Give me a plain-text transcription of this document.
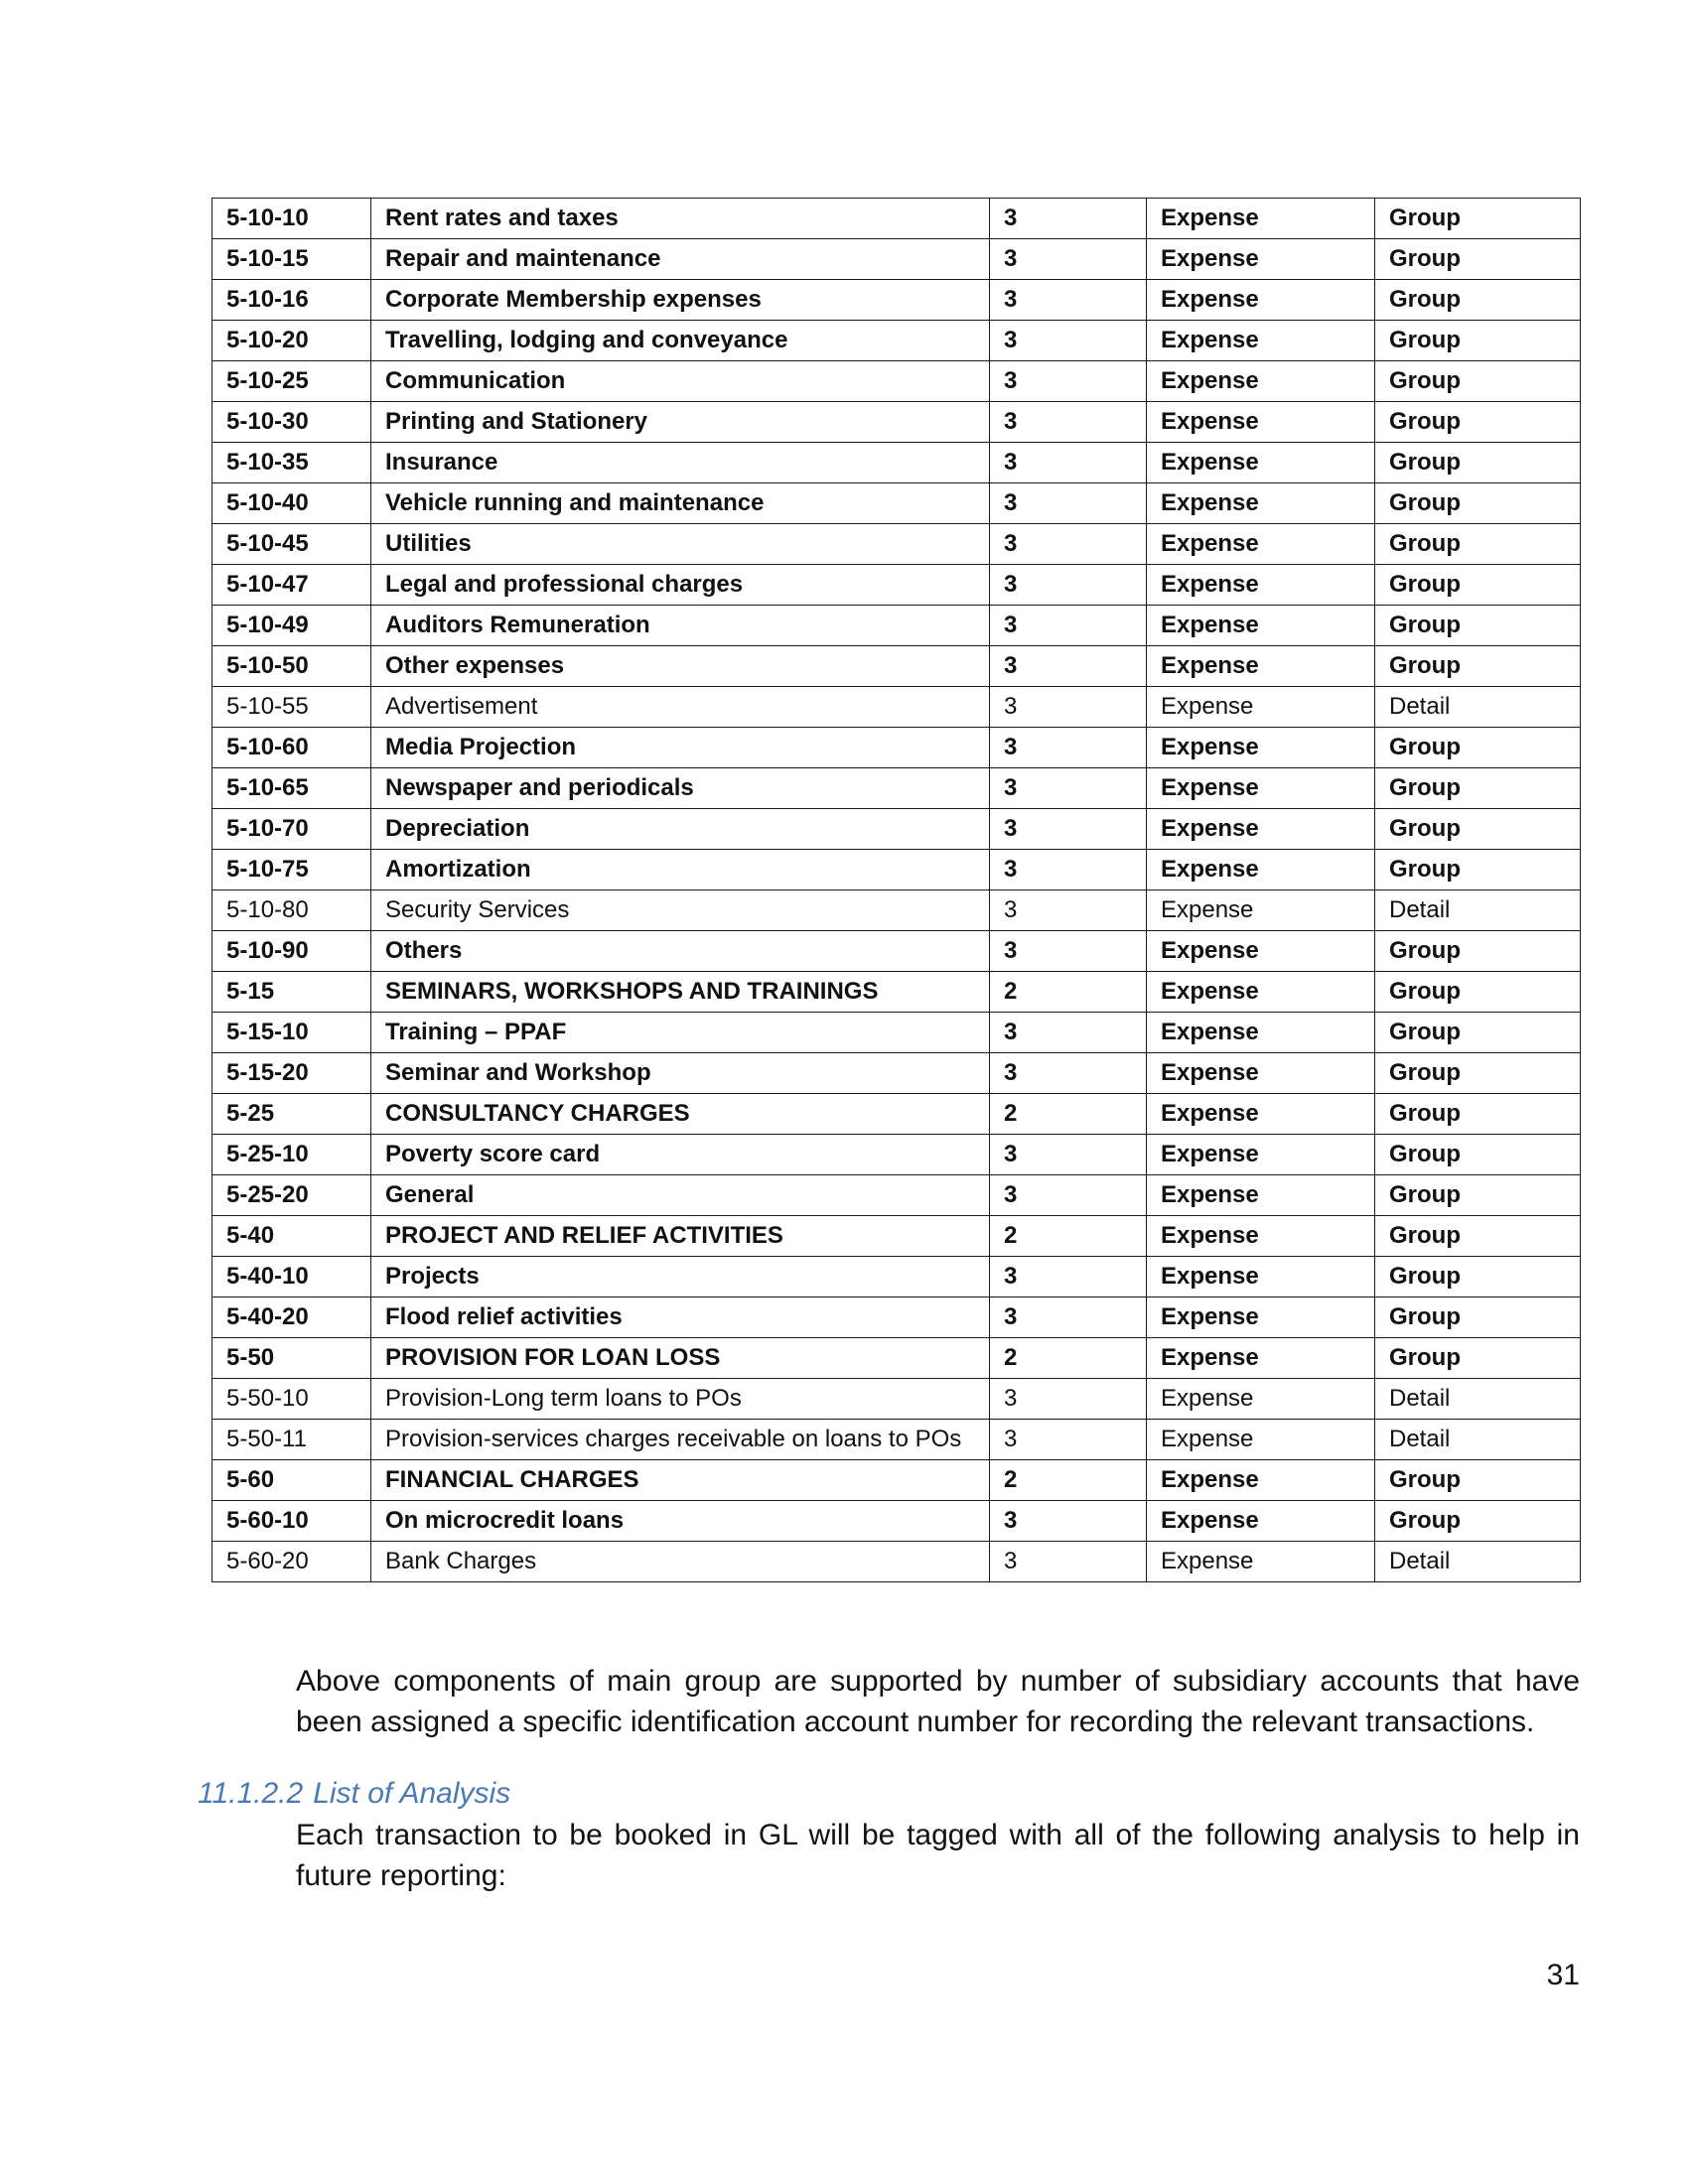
5-10-10	Rent rates and taxes	3	Expense	Group
5-10-15	Repair and maintenance	3	Expense	Group
5-10-16	Corporate Membership expenses	3	Expense	Group
5-10-20	Travelling, lodging and conveyance	3	Expense	Group
5-10-25	Communication	3	Expense	Group
5-10-30	Printing and Stationery	3	Expense	Group
5-10-35	Insurance	3	Expense	Group
5-10-40	Vehicle running and maintenance	3	Expense	Group
5-10-45	Utilities	3	Expense	Group
5-10-47	Legal and professional charges	3	Expense	Group
5-10-49	Auditors Remuneration	3	Expense	Group
5-10-50	Other expenses	3	Expense	Group
5-10-55	Advertisement	3	Expense	Detail
5-10-60	Media Projection	3	Expense	Group
5-10-65	Newspaper and periodicals	3	Expense	Group
5-10-70	Depreciation	3	Expense	Group
5-10-75	Amortization	3	Expense	Group
5-10-80	Security Services	3	Expense	Detail
5-10-90	Others	3	Expense	Group
5-15	SEMINARS, WORKSHOPS AND TRAININGS	2	Expense	Group
5-15-10	Training – PPAF	3	Expense	Group
5-15-20	Seminar and Workshop	3	Expense	Group
5-25	CONSULTANCY CHARGES	2	Expense	Group
5-25-10	Poverty score card	3	Expense	Group
5-25-20	General	3	Expense	Group
5-40	PROJECT AND RELIEF ACTIVITIES	2	Expense	Group
5-40-10	Projects	3	Expense	Group
5-40-20	Flood relief activities	3	Expense	Group
5-50	PROVISION FOR LOAN LOSS	2	Expense	Group
5-50-10	Provision-Long term loans to POs	3	Expense	Detail
5-50-11	Provision-services charges receivable on loans to POs	3	Expense	Detail
5-60	FINANCIAL CHARGES	2	Expense	Group
5-60-10	On microcredit loans	3	Expense	Group
5-60-20	Bank Charges	3	Expense	Detail
Above components of main group are supported by number of subsidiary accounts that have been assigned a specific identification account number for recording the relevant transactions.
11.1.2.2 List of Analysis
Each transaction to be booked in GL will be tagged with all of the following analysis to help in future reporting:
31
